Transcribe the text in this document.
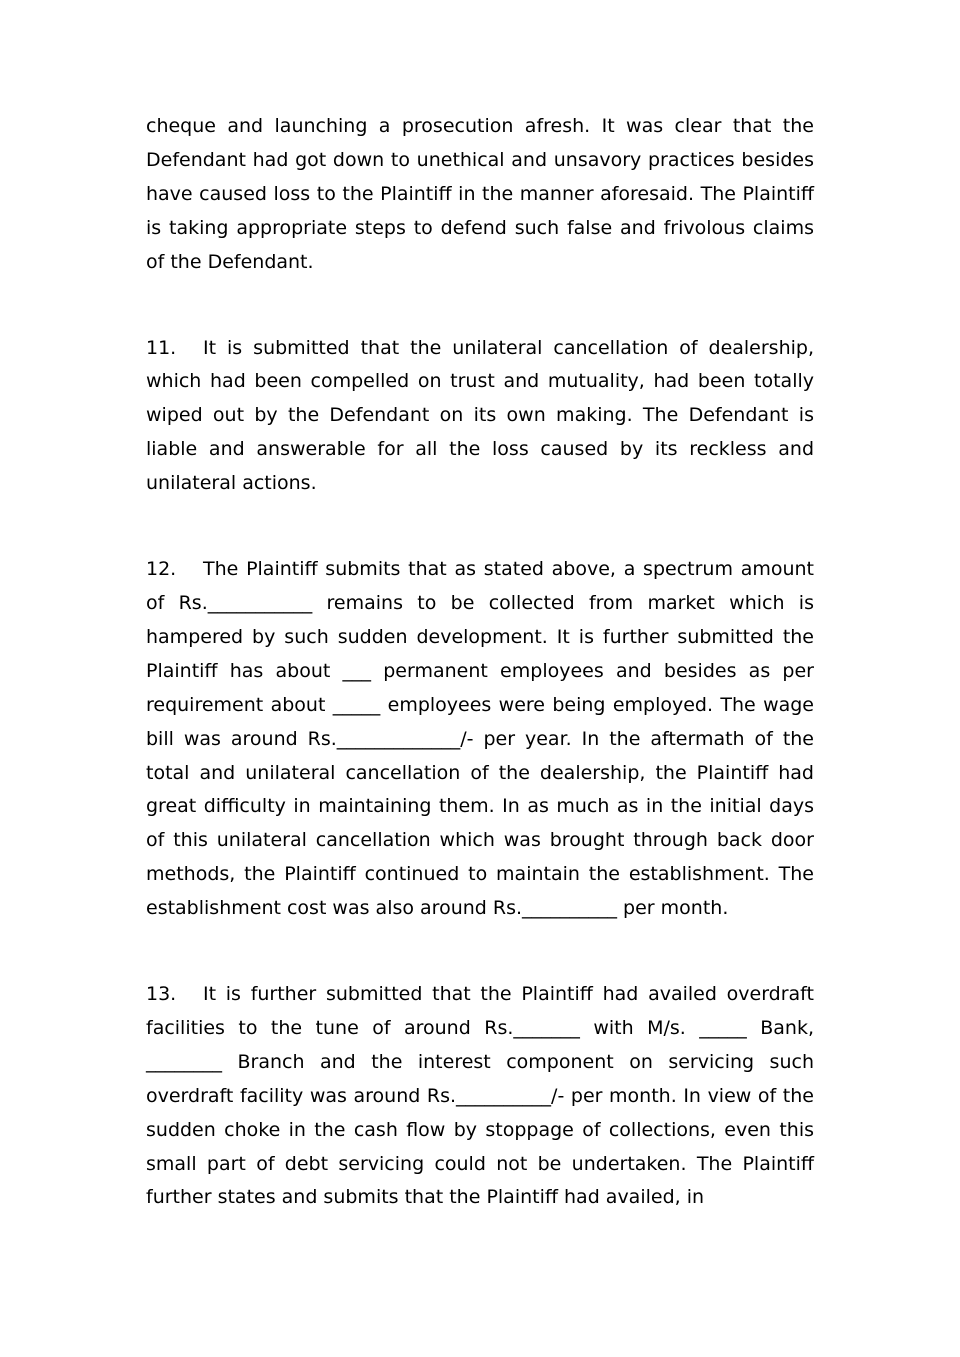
cheque and launching a prosecution afresh. It was clear that the Defendant had got down to unethical and unsavory practices besides have caused loss to the Plaintiff in the manner aforesaid. The Plaintiff is taking appropriate steps to defend such false and frivolous claims of the Defendant.

11. It is submitted that the unilateral cancellation of dealership, which had been compelled on trust and mutuality, had been totally wiped out by the Defendant on its own making. The Defendant is liable and answerable for all the loss caused by its reckless and unilateral actions.

12. The Plaintiff submits that as stated above, a spectrum amount of Rs.___________ remains to be collected from market which is hampered by such sudden development. It is further submitted the Plaintiff has about ___ permanent employees and besides as per requirement about _____ employees were being employed. The wage bill was around Rs._____________/- per year. In the aftermath of the total and unilateral cancellation of the dealership, the Plaintiff had great difficulty in maintaining them. In as much as in the initial days of this unilateral cancellation which was brought through back door methods, the Plaintiff continued to maintain the establishment. The establishment cost was also around Rs.__________ per month.

13. It is further submitted that the Plaintiff had availed overdraft facilities to the tune of around Rs._______ with M/s. _____ Bank, ________ Branch and the interest component on servicing such overdraft facility was around Rs.__________/- per month. In view of the sudden choke in the cash flow by stoppage of collections, even this small part of debt servicing could not be undertaken. The Plaintiff further states and submits that the Plaintiff had availed, in
